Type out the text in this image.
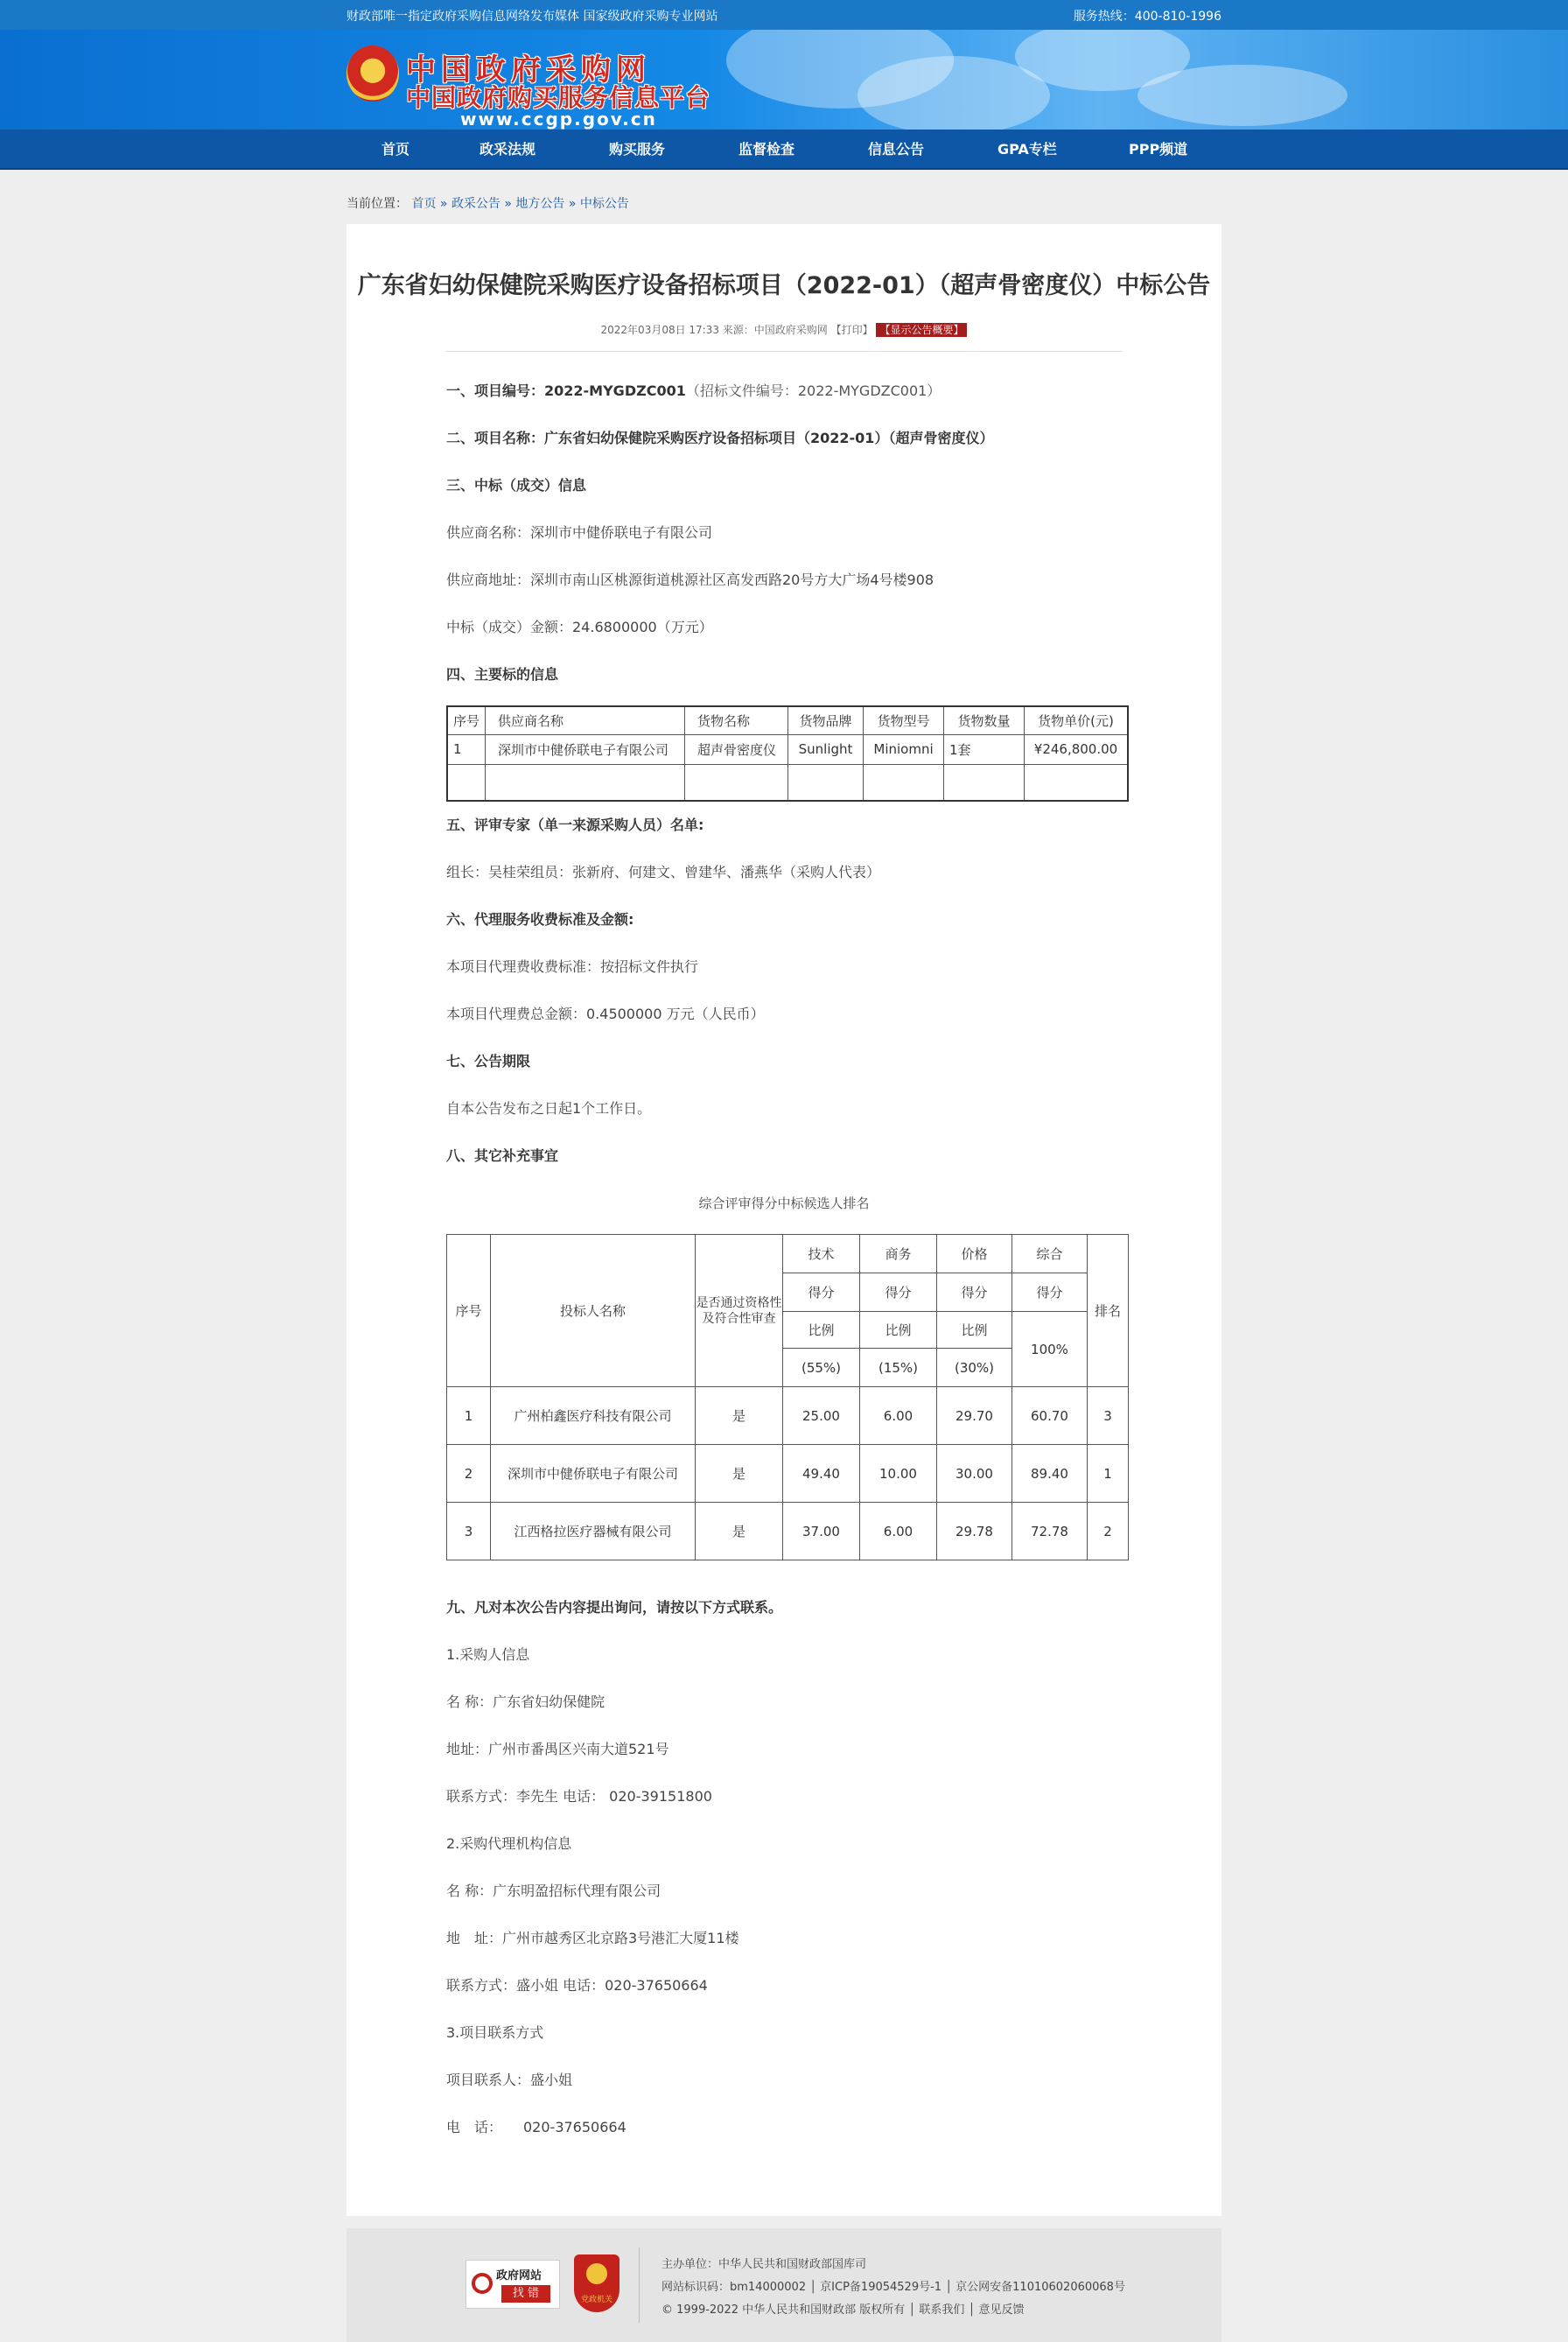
财政部唯一指定政府采购信息网络发布媒体 国家级政府采购专业网站	服务热线：400-810-1996
★ 中国政府采购网
中国政府购买服务信息平台
www.ccgp.gov.cn
首页	政采法规	购买服务	监督检查	信息公告	GPA专栏	PPP频道
当前位置： 首页 » 政采公告 » 地方公告 » 中标公告
广东省妇幼保健院采购医疗设备招标项目（2022-01）（超声骨密度仪）中标公告
2022年03月08日 17:33 来源：中国政府采购网 【打印】 【显示公告概要】
一、项目编号：2022-MYGDZC001（招标文件编号：2022-MYGDZC001）
二、项目名称：广东省妇幼保健院采购医疗设备招标项目（2022-01）（超声骨密度仪）
三、中标（成交）信息
供应商名称：深圳市中健侨联电子有限公司
供应商地址：深圳市南山区桃源街道桃源社区高发西路20号方大广场4号楼908
中标（成交）金额：24.6800000（万元）
四、主要标的信息
序号	供应商名称	货物名称	货物品牌	货物型号	货物数量	货物单价(元)
1	深圳市中健侨联电子有限公司	超声骨密度仪	Sunlight	Miniomni	1套	¥246,800.00

五、评审专家（单一来源采购人员）名单:
组长：吴桂荣组员：张新府、何建文、曾建华、潘燕华（采购人代表）
六、代理服务收费标准及金额:
本项目代理费收费标准：按招标文件执行
本项目代理费总金额：0.4500000 万元（人民币）
七、公告期限
自本公告发布之日起1个工作日。
八、其它补充事宜
综合评审得分中标候选人排名
序号	投标人名称	是否通过资格性及符合性审查	技术	商务	价格	综合	排名
			得分	得分	得分	得分	
			比例	比例	比例	100%	
			(55%)	(15%)	(30%)		
1	广州柏鑫医疗科技有限公司	是	25.00	6.00	29.70	60.70	3
2	深圳市中健侨联电子有限公司	是	49.40	10.00	30.00	89.40	1
3	江西格拉医疗器械有限公司	是	37.00	6.00	29.78	72.78	2
九、凡对本次公告内容提出询问，请按以下方式联系。
1.采购人信息
名 称：广东省妇幼保健院
地址：广州市番禺区兴南大道521号
联系方式：李先生 电话： 020-39151800
2.采购代理机构信息
名 称：广东明盈招标代理有限公司
地　址：广州市越秀区北京路3号港汇大厦11楼
联系方式：盛小姐 电话：020-37650664
3.项目联系方式
项目联系人：盛小姐
电　话：　　020-37650664
政府网站
找 错	党政机关
主办单位：中华人民共和国财政部国库司
网站标识码：bm14000002 │ 京ICP备19054529号-1 │ 京公网安备11010602060068号
© 1999-2022 中华人民共和国财政部 版权所有 │ 联系我们 │ 意见反馈
